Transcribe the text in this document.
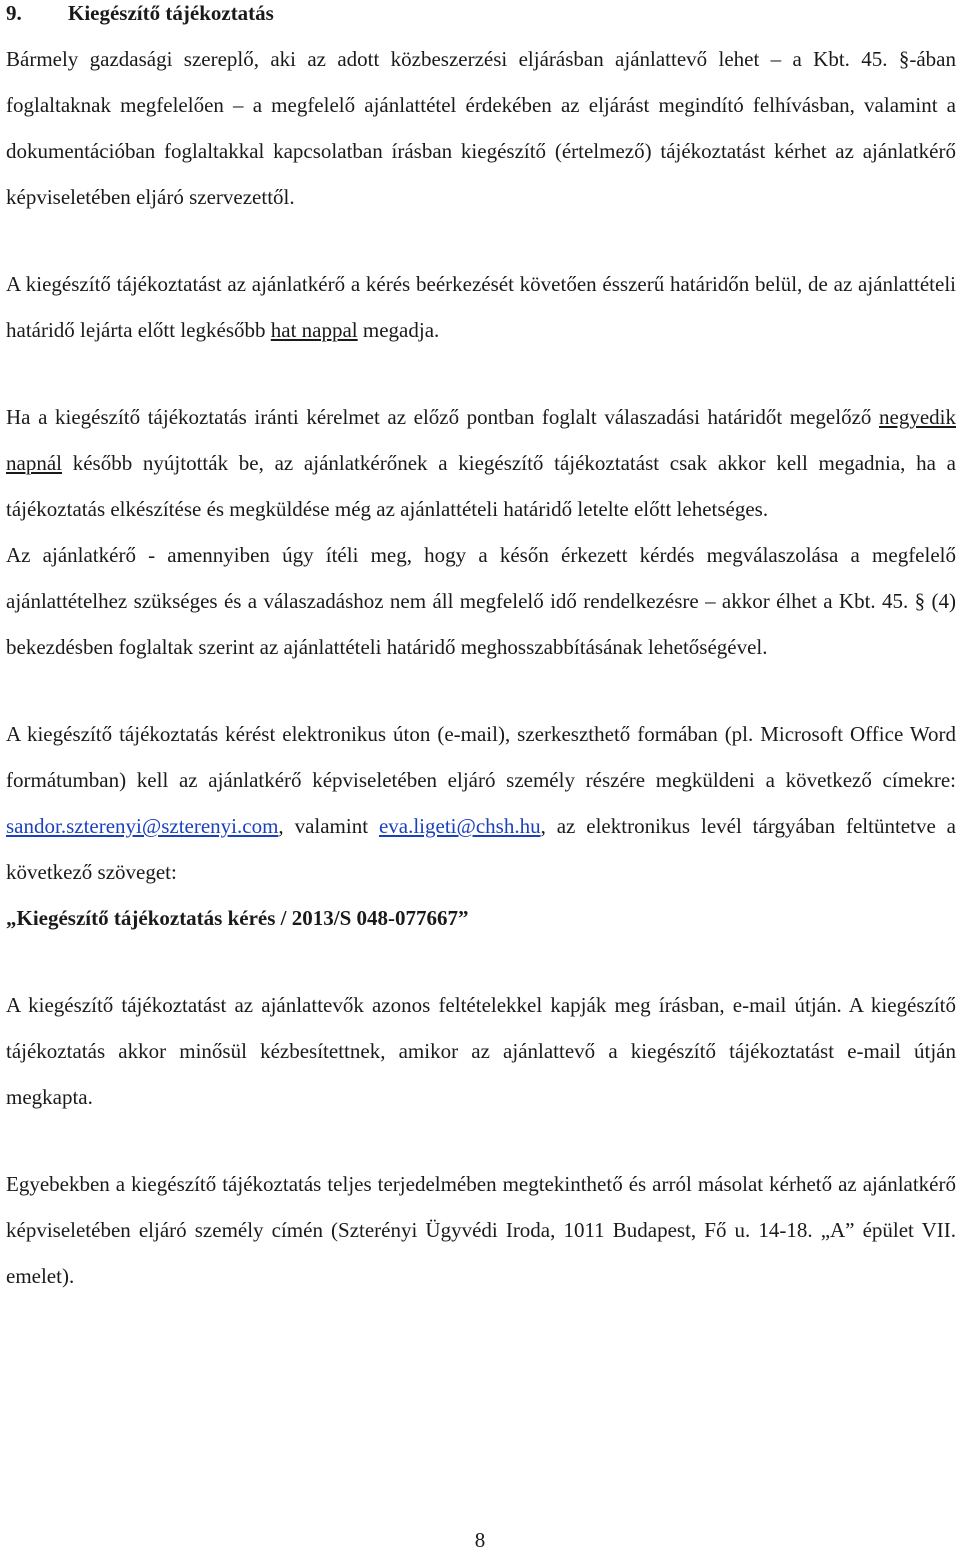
9.	Kiegészítő tájékoztatás

Bármely gazdasági szereplő, aki az adott közbeszerzési eljárásban ajánlattevő lehet – a Kbt. 45. §-ában foglaltaknak megfelelően – a megfelelő ajánlattétel érdekében az eljárást megindító felhívásban, valamint a dokumentációban foglaltakkal kapcsolatban írásban kiegészítő (értelmező) tájékoztatást kérhet az ajánlatkérő képviseletében eljáró szervezettől.

A kiegészítő tájékoztatást az ajánlatkérő a kérés beérkezését követően ésszerű határidőn belül, de az ajánlattételi határidő lejárta előtt legkésőbb hat nappal megadja.

Ha a kiegészítő tájékoztatás iránti kérelmet az előző pontban foglalt válaszadási határidőt megelőző negyedik napnál később nyújtották be, az ajánlatkérőnek a kiegészítő tájékoztatást csak akkor kell megadnia, ha a tájékoztatás elkészítése és megküldése még az ajánlattételi határidő letelte előtt lehetséges.

Az ajánlatkérő - amennyiben úgy ítéli meg, hogy a későn érkezett kérdés megválaszolása a megfelelő ajánlattételhez szükséges és a válaszadáshoz nem áll megfelelő idő rendelkezésre – akkor élhet a Kbt. 45. § (4) bekezdésben foglaltak szerint az ajánlattételi határidő meghosszabbításának lehetőségével.

A kiegészítő tájékoztatás kérést elektronikus úton (e-mail), szerkeszthető formában (pl. Microsoft Office Word formátumban) kell az ajánlatkérő képviseletében eljáró személy részére megküldeni a következő címekre: sandor.szterenyi@szterenyi.com, valamint eva.ligeti@chsh.hu, az elektronikus levél tárgyában feltüntetve a következő szöveget:
„Kiegészítő tájékoztatás kérés / 2013/S 048-077667”

A kiegészítő tájékoztatást az ajánlattevők azonos feltételekkel kapják meg írásban, e-mail útján. A kiegészítő tájékoztatás akkor minősül kézbesítettnek, amikor az ajánlattevő a kiegészítő tájékoztatást e-mail útján megkapta.

Egyebekben a kiegészítő tájékoztatás teljes terjedelmében megtekinthető és arról másolat kérhető az ajánlatkérő képviseletében eljáró személy címén (Szterényi Ügyvédi Iroda, 1011 Budapest, Fő u. 14-18. „A” épület VII. emelet).

8
